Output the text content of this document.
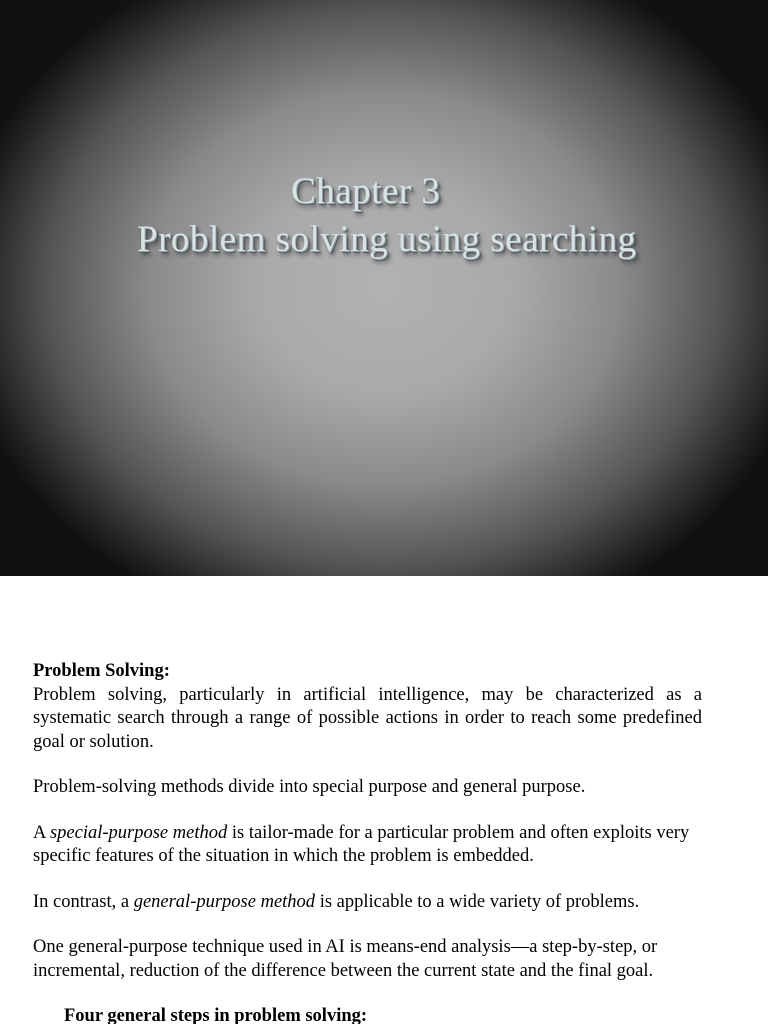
Chapter 3
Problem solving using searching
Problem Solving:

Problem solving, particularly in artificial intelligence, may be characterized as a systematic search through a range of possible actions in order to reach some predefined goal or solution.

Problem-solving methods divide into special purpose and general purpose.

A special-purpose method is tailor-made for a particular problem and often exploits very specific features of the situation in which the problem is embedded.

In contrast, a general-purpose method is applicable to a wide variety of problems.

One general-purpose technique used in AI is means-end analysis—a step-by-step, or incremental, reduction of the difference between the current state and the final goal.

Four general steps in problem solving:
